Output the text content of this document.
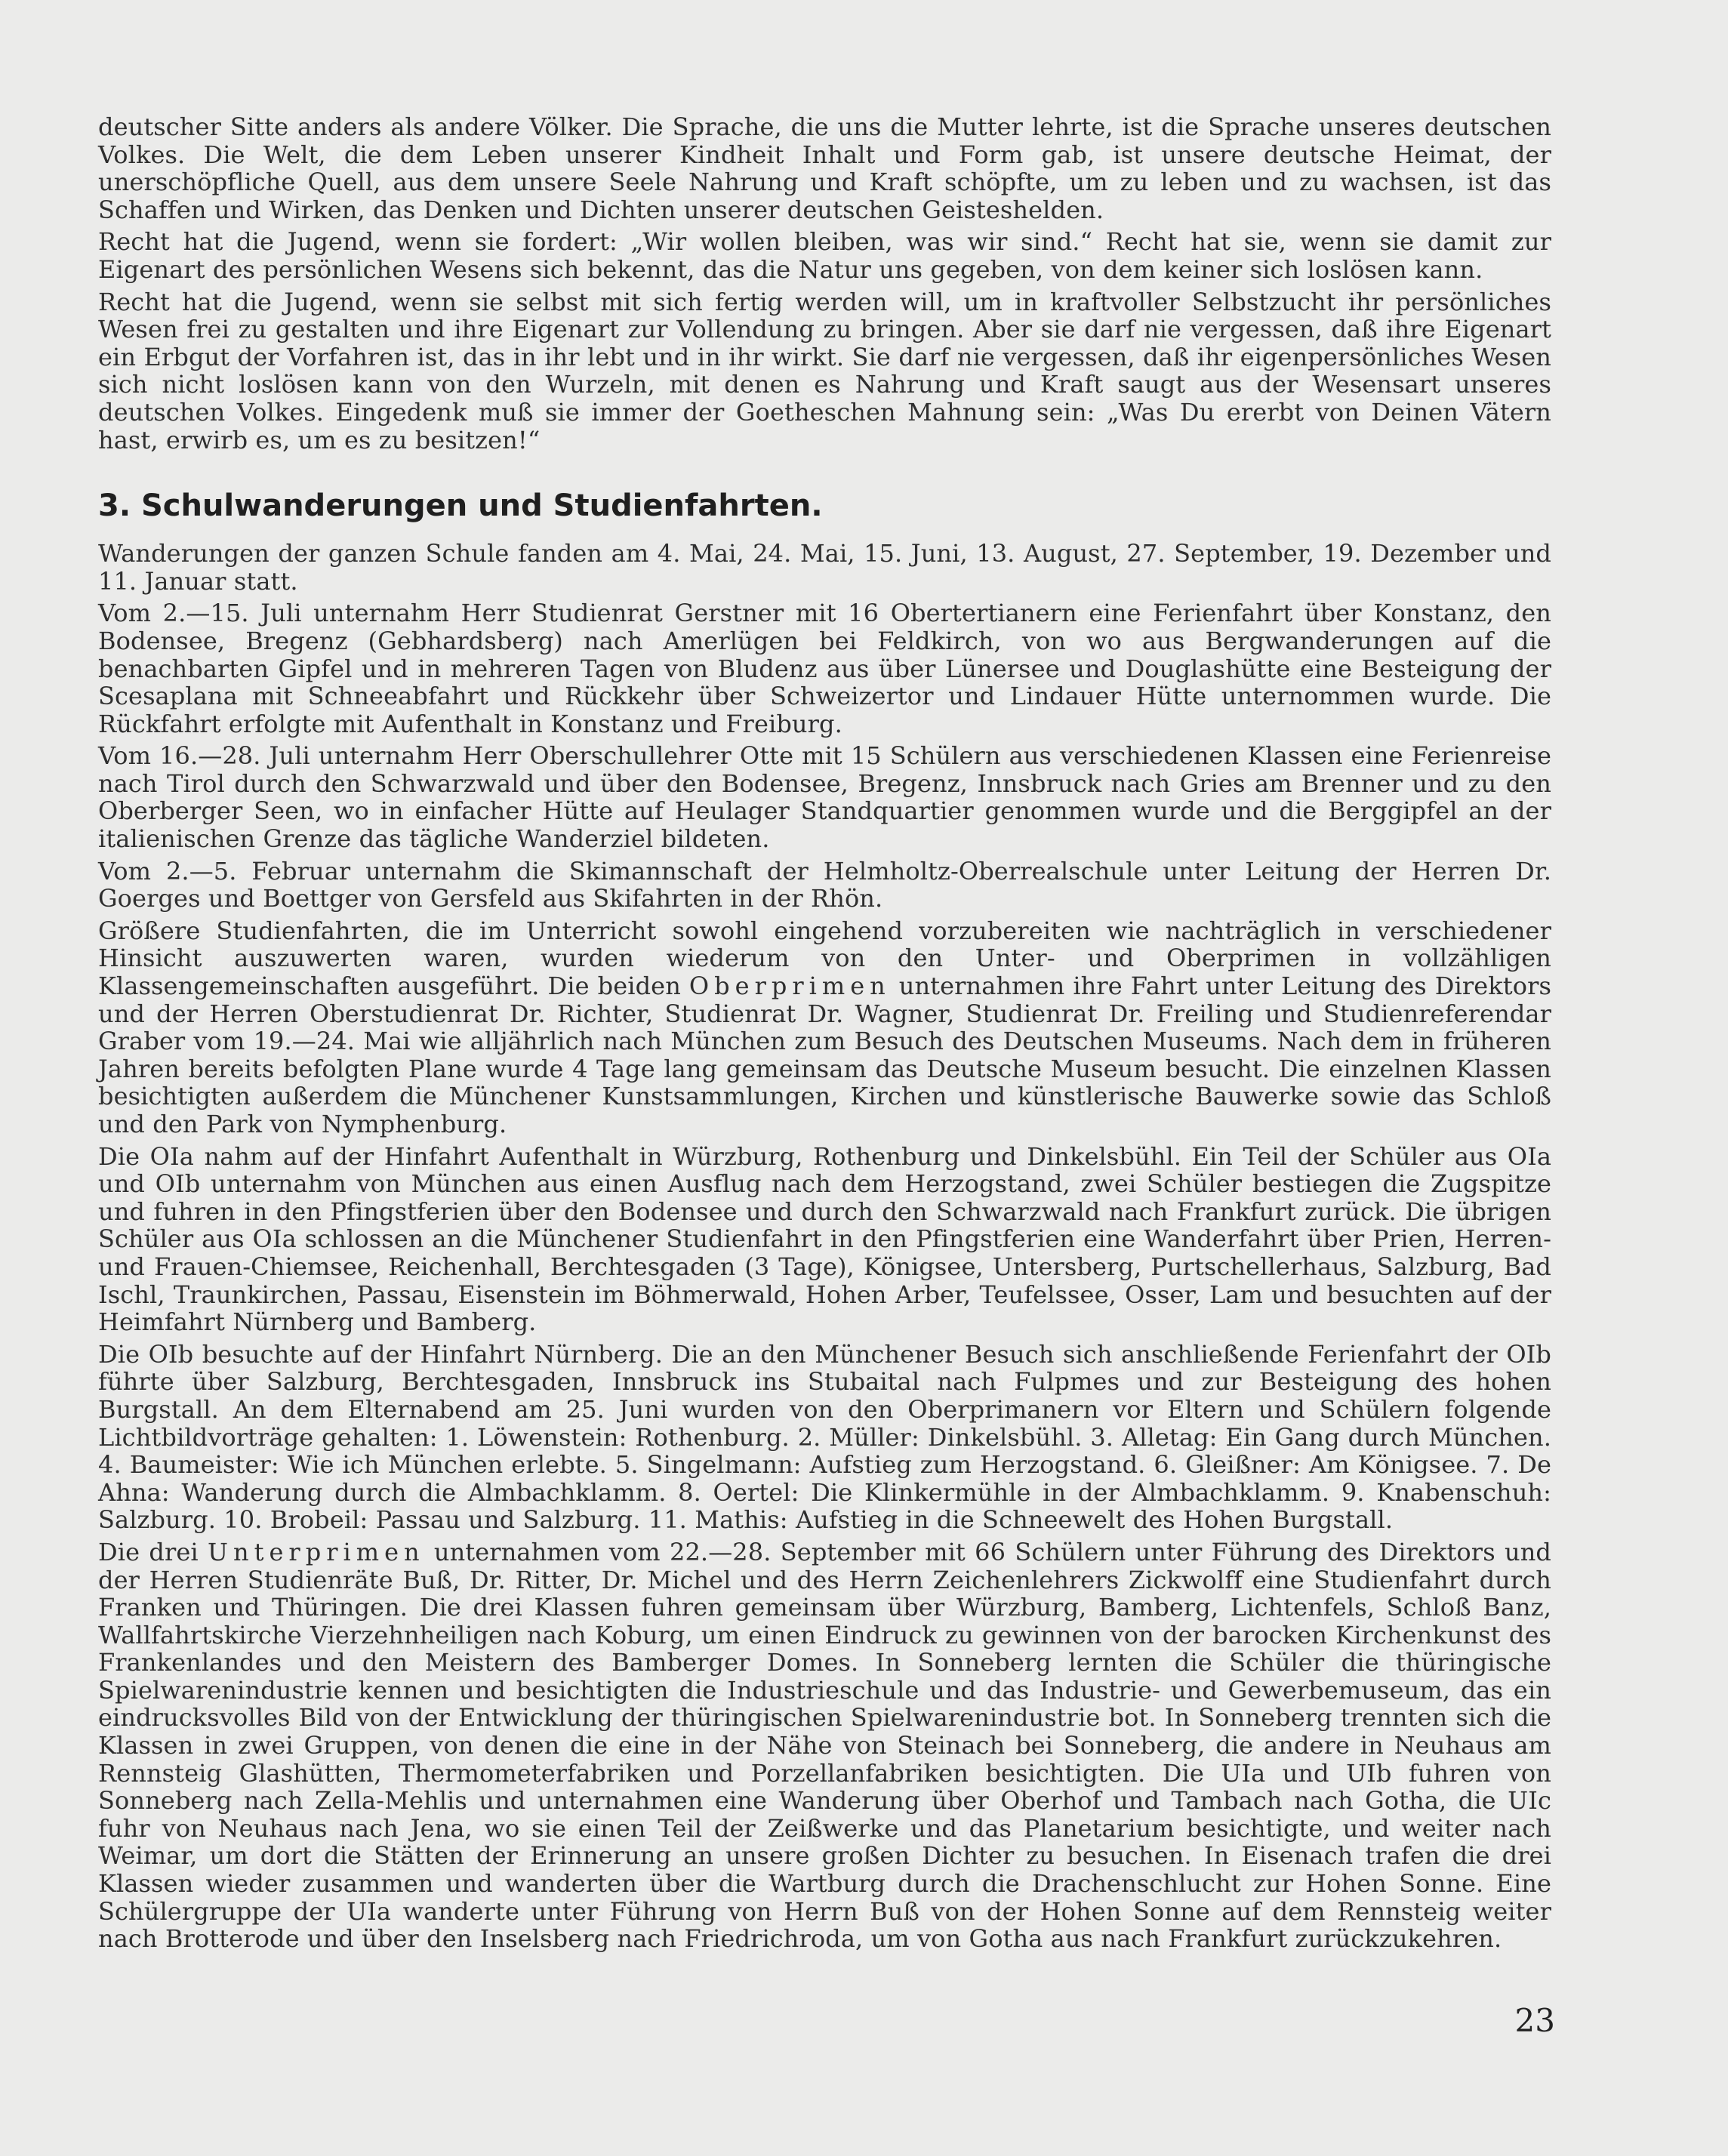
deutscher Sitte anders als andere Völker. Die Sprache, die uns die Mutter lehrte, ist die Sprache unseres deutschen Volkes. Die Welt, die dem Leben unserer Kindheit Inhalt und Form gab, ist unsere deutsche Heimat, der unerschöpfliche Quell, aus dem unsere Seele Nahrung und Kraft schöpfte, um zu leben und zu wachsen, ist das Schaffen und Wirken, das Denken und Dichten unserer deutschen Geisteshelden.

Recht hat die Jugend, wenn sie fordert: „Wir wollen bleiben, was wir sind.“ Recht hat sie, wenn sie damit zur Eigenart des persönlichen Wesens sich bekennt, das die Natur uns gegeben, von dem keiner sich loslösen kann.

Recht hat die Jugend, wenn sie selbst mit sich fertig werden will, um in kraftvoller Selbstzucht ihr persönliches Wesen frei zu gestalten und ihre Eigenart zur Vollendung zu bringen. Aber sie darf nie vergessen, daß ihre Eigenart ein Erbgut der Vorfahren ist, das in ihr lebt und in ihr wirkt. Sie darf nie vergessen, daß ihr eigenpersönliches Wesen sich nicht loslösen kann von den Wurzeln, mit denen es Nahrung und Kraft saugt aus der Wesensart unseres deutschen Volkes. Eingedenk muß sie immer der Goetheschen Mahnung sein: „Was Du ererbt von Deinen Vätern hast, erwirb es, um es zu besitzen!“

3. Schulwanderungen und Studienfahrten.

Wanderungen der ganzen Schule fanden am 4. Mai, 24. Mai, 15. Juni, 13. August, 27. September, 19. Dezember und 11. Januar statt.

Vom 2.—15. Juli unternahm Herr Studienrat Gerstner mit 16 Obertertianern eine Ferienfahrt über Konstanz, den Bodensee, Bregenz (Gebhardsberg) nach Amerlügen bei Feldkirch, von wo aus Bergwanderungen auf die benachbarten Gipfel und in mehreren Tagen von Bludenz aus über Lünersee und Douglashütte eine Besteigung der Scesaplana mit Schneeabfahrt und Rückkehr über Schweizertor und Lindauer Hütte unternommen wurde. Die Rückfahrt erfolgte mit Aufenthalt in Konstanz und Freiburg.

Vom 16.—28. Juli unternahm Herr Oberschullehrer Otte mit 15 Schülern aus verschiedenen Klassen eine Ferienreise nach Tirol durch den Schwarzwald und über den Bodensee, Bregenz, Innsbruck nach Gries am Brenner und zu den Oberberger Seen, wo in einfacher Hütte auf Heulager Standquartier genommen wurde und die Berggipfel an der italienischen Grenze das tägliche Wanderziel bildeten.

Vom 2.—5. Februar unternahm die Skimannschaft der Helmholtz-Oberrealschule unter Leitung der Herren Dr. Goerges und Boettger von Gersfeld aus Skifahrten in der Rhön.

Größere Studienfahrten, die im Unterricht sowohl eingehend vorzubereiten wie nachträglich in verschiedener Hinsicht auszuwerten waren, wurden wiederum von den Unter- und Oberprimen in vollzähligen Klassengemeinschaften ausgeführt. Die beiden Oberprimen unternahmen ihre Fahrt unter Leitung des Direktors und der Herren Oberstudienrat Dr. Richter, Studienrat Dr. Wagner, Studienrat Dr. Freiling und Studienreferendar Graber vom 19.—24. Mai wie alljährlich nach München zum Besuch des Deutschen Museums. Nach dem in früheren Jahren bereits befolgten Plane wurde 4 Tage lang gemeinsam das Deutsche Museum besucht. Die einzelnen Klassen besichtigten außerdem die Münchener Kunstsammlungen, Kirchen und künstlerische Bauwerke sowie das Schloß und den Park von Nymphenburg.

Die OIa nahm auf der Hinfahrt Aufenthalt in Würzburg, Rothenburg und Dinkelsbühl. Ein Teil der Schüler aus OIa und OIb unternahm von München aus einen Ausflug nach dem Herzogstand, zwei Schüler bestiegen die Zugspitze und fuhren in den Pfingstferien über den Bodensee und durch den Schwarzwald nach Frankfurt zurück. Die übrigen Schüler aus OIa schlossen an die Münchener Studienfahrt in den Pfingstferien eine Wanderfahrt über Prien, Herren- und Frauen-Chiemsee, Reichenhall, Berchtesgaden (3 Tage), Königsee, Untersberg, Purtschellerhaus, Salzburg, Bad Ischl, Traunkirchen, Passau, Eisenstein im Böhmerwald, Hohen Arber, Teufelssee, Osser, Lam und besuchten auf der Heimfahrt Nürnberg und Bamberg.

Die OIb besuchte auf der Hinfahrt Nürnberg. Die an den Münchener Besuch sich anschließende Ferienfahrt der OIb führte über Salzburg, Berchtesgaden, Innsbruck ins Stubaital nach Fulpmes und zur Besteigung des hohen Burgstall. An dem Elternabend am 25. Juni wurden von den Oberprimanern vor Eltern und Schülern folgende Lichtbildvorträge gehalten: 1. Löwenstein: Rothenburg. 2. Müller: Dinkelsbühl. 3. Alletag: Ein Gang durch München. 4. Baumeister: Wie ich München erlebte. 5. Singelmann: Aufstieg zum Herzogstand. 6. Gleißner: Am Königsee. 7. De Ahna: Wanderung durch die Almbachklamm. 8. Oertel: Die Klinkermühle in der Almbachklamm. 9. Knabenschuh: Salzburg. 10. Brobeil: Passau und Salzburg. 11. Mathis: Aufstieg in die Schneewelt des Hohen Burgstall.

Die drei Unterprimen unternahmen vom 22.—28. September mit 66 Schülern unter Führung des Direktors und der Herren Studienräte Buß, Dr. Ritter, Dr. Michel und des Herrn Zeichenlehrers Zickwolff eine Studienfahrt durch Franken und Thüringen. Die drei Klassen fuhren gemeinsam über Würzburg, Bamberg, Lichtenfels, Schloß Banz, Wallfahrtskirche Vierzehnheiligen nach Koburg, um einen Eindruck zu gewinnen von der barocken Kirchenkunst des Frankenlandes und den Meistern des Bamberger Domes. In Sonneberg lernten die Schüler die thüringische Spielwarenindustrie kennen und besichtigten die Industrieschule und das Industrie- und Gewerbemuseum, das ein eindrucksvolles Bild von der Entwicklung der thüringischen Spielwarenindustrie bot. In Sonneberg trennten sich die Klassen in zwei Gruppen, von denen die eine in der Nähe von Steinach bei Sonneberg, die andere in Neuhaus am Rennsteig Glashütten, Thermometerfabriken und Porzellanfabriken besichtigten. Die UIa und UIb fuhren von Sonneberg nach Zella-Mehlis und unternahmen eine Wanderung über Oberhof und Tambach nach Gotha, die UIc fuhr von Neuhaus nach Jena, wo sie einen Teil der Zeißwerke und das Planetarium besichtigte, und weiter nach Weimar, um dort die Stätten der Erinnerung an unsere großen Dichter zu besuchen. In Eisenach trafen die drei Klassen wieder zusammen und wanderten über die Wartburg durch die Drachenschlucht zur Hohen Sonne. Eine Schülergruppe der UIa wanderte unter Führung von Herrn Buß von der Hohen Sonne auf dem Rennsteig weiter nach Brotterode und über den Inselsberg nach Friedrichroda, um von Gotha aus nach Frankfurt zurückzukehren.

23
